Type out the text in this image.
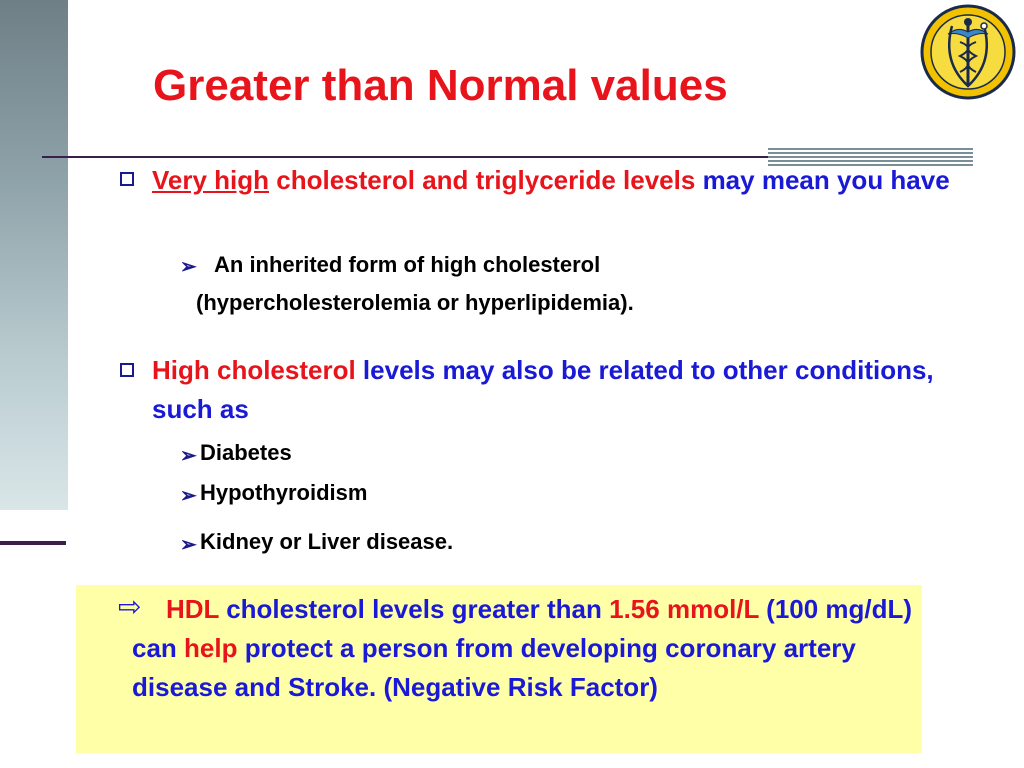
Greater than Normal values
Very high cholesterol and triglyceride levels may mean you have
➢ An inherited form of high cholesterol
(hypercholesterolemia or hyperlipidemia).
High cholesterol levels may also be related to other conditions, such as
➢ Diabetes
➢ Hypothyroidism
➢ Kidney or Liver disease.
⇨ HDL cholesterol levels greater than 1.56 mmol/L (100 mg/dL) can help protect a person from developing coronary artery disease and Stroke. (Negative Risk Factor)
